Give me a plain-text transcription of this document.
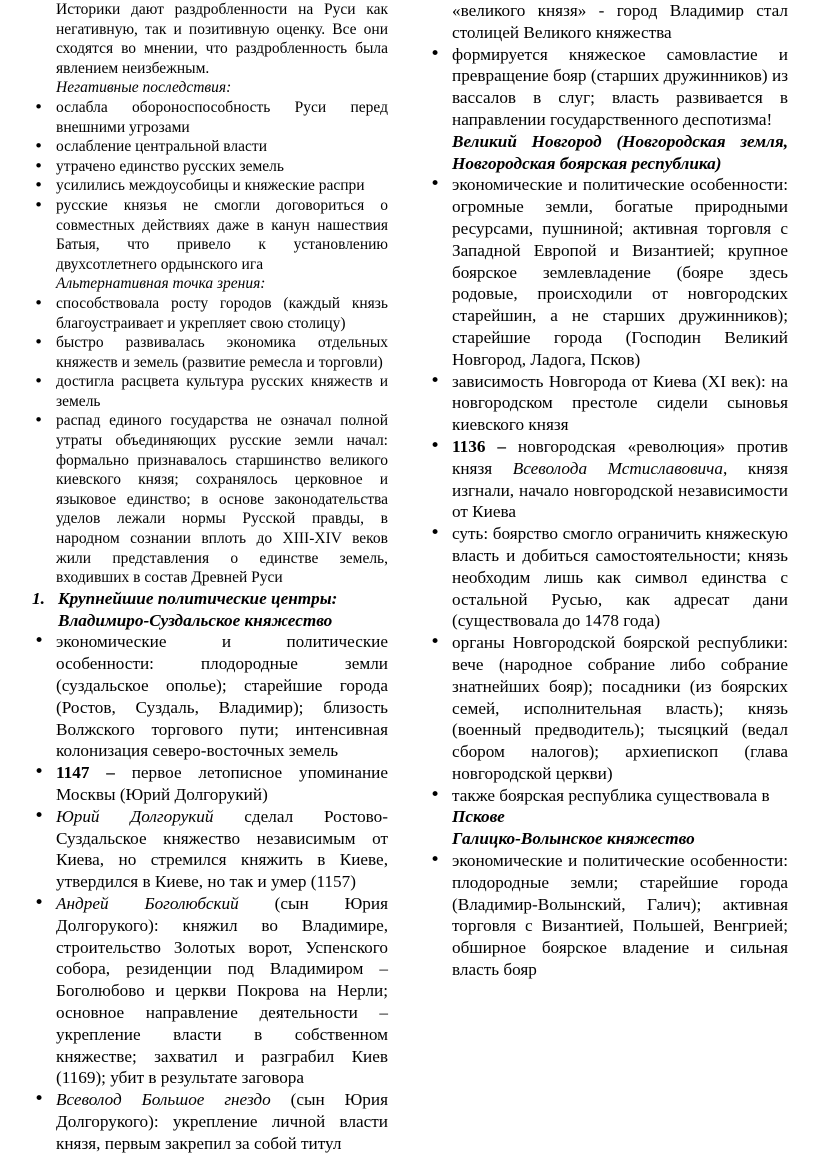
Историки дают раздробленности на Руси как негативную, так и позитивную оценку. Все они сходятся во мнении, что раздробленность была явлением неизбежным.

Негативные последствия:

• ослабла обороноспособность Руси перед внешними угрозами
• ослабление центральной власти
• утрачено единство русских земель
• усилились междоусобицы и княжеские распри
• русские князья не смогли договориться о совместных действиях даже в канун нашествия Батыя, что привело к установлению двухсотлетнего ордынского ига

Альтернативная точка зрения:

• способствовала росту городов (каждый князь благоустраивает и укрепляет свою столицу)
• быстро развивалась экономика отдельных княжеств и земель (развитие ремесла и торговли)
• достигла расцвета культура русских княжеств и земель
• распад единого государства не означал полной утраты объединяющих русские земли начал: формально признавалось старшинство великого киевского князя; сохранялось церковное и языковое единство; в основе законодательства уделов лежали нормы Русской правды, в народном сознании вплоть до XIII-XIV веков жили представления о единстве земель, входивших в состав Древней Руси

1. Крупнейшие политические центры:
Владимиро-Суздальское княжество

• экономические и политические особенности: плодородные земли (суздальское ополье); старейшие города (Ростов, Суздаль, Владимир); близость Волжского торгового пути; интенсивная колонизация северо-восточных земель
• 1147 – первое летописное упоминание Москвы (Юрий Долгорукий)
• Юрий Долгорукий сделал Ростово-Суздальское княжество независимым от Киева, но стремился княжить в Киеве, утвердился в Киеве, но так и умер (1157)
• Андрей Боголюбский (сын Юрия Долгорукого): княжил во Владимире, строительство Золотых ворот, Успенского собора, резиденции под Владимиром – Боголюбово и церкви Покрова на Нерли; основное направление деятельности – укрепление власти в собственном княжестве; захватил и разграбил Киев (1169); убит в результате заговора
• Всеволод Большое гнездо (сын Юрия Долгорукого): укрепление личной власти князя, первым закрепил за собой титул

«великого князя» - город Владимир стал столицей Великого княжества

• формируется княжеское самовластие и превращение бояр (старших дружинников) из вассалов в слуг; власть развивается в направлении государственного деспотизма!

Великий Новгород (Новгородская земля, Новгородская боярская республика)

• экономические и политические особенности: огромные земли, богатые природными ресурсами, пушниной; активная торговля с Западной Европой и Византией; крупное боярское землевладение (бояре здесь родовые, происходили от новгородских старейшин, а не старших дружинников); старейшие города (Господин Великий Новгород, Ладога, Псков)
• зависимость Новгорода от Киева (XI век): на новгородском престоле сидели сыновья киевского князя
• 1136 – новгородская «революция» против князя Всеволода Мстиславовича, князя изгнали, начало новгородской независимости от Киева
• суть: боярство смогло ограничить княжескую власть и добиться самостоятельности; князь необходим лишь как символ единства с остальной Русью, как адресат дани (существовала до 1478 года)
• органы Новгородской боярской республики: вече (народное собрание либо собрание знатнейших бояр); посадники (из боярских семей, исполнительная власть); князь (военный предводитель); тысяцкий (ведал сбором налогов); архиепископ (глава новгородской церкви)
• также боярская республика существовала в
Пскове

Галицко-Волынское княжество

• экономические и политические особенности: плодородные земли; старейшие города (Владимир-Волынский, Галич); активная торговля с Византией, Польшей, Венгрией; обширное боярское владение и сильная власть бояр
